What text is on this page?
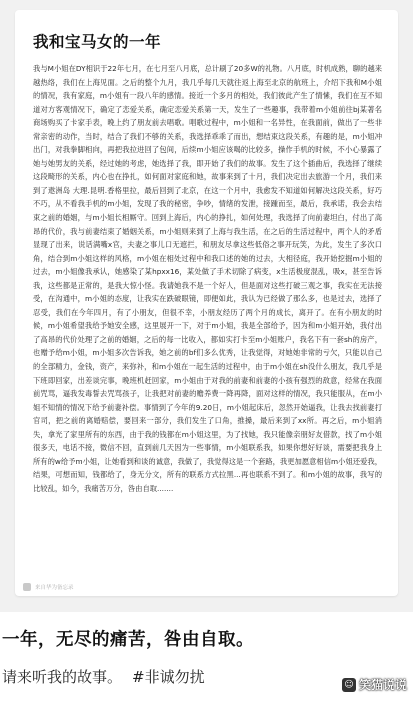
我和宝马女的一年
我与M小姐在DY相识于22年七月，在七月至八月底，总计刷了20多W的礼物。八月底，时机成熟，聊的越来越热络，我们在上海见面。之后的整个九月，我几乎每几天就往返上海至北京的航班上，介绍下我和M小姐的情况，我有家庭，m小姐有一段八年的感情。接近一个多月的相处，我们彼此产生了情愫，我们在互不知道对方客观情况下，确定了恋爱关系，确定恋爱关系第一天，发生了一些趣事，我带着m小姐前往bj某著名商场购买了卡家手表，晚上约了朋友前去唱歌。唱歌过程中，m小姐和一名异性，在我面前，做出了一些非常亲密的动作，当时，结合了我们不够的关系，我选择乖乖了而出，想结束这段关系，有趣的是，m小姐冲出门，对我拳脚相向，再把我拉进回了包间，后续m小姐应该喝的比较多，操作手机的时候，不小心暴露了她与她男友的关系，经过她的考虑，她选择了我，即开始了我们的故事。发生了这个插曲后，我选择了继续这段畸形的关系，内心也在挣扎，如何面对家庭和她，故事来到了十月，我们决定出去旅游一个月，我们来到了遨洲岛 大理.昆明.香格里拉，最后回到了北京，在这一个月中，我愈发不知道如何解决这段关系，好巧不巧，从不看我手机的m小姐，发现了我的秘密，争吵，情绪的发泄，接踵而至，最后，我承诺，我会去结束之前的婚姻，与m小姐长相厮守。回到上海后，内心的挣扎，如何处理，我选择了向前妻坦白，付出了高昂的代价，我与前妻结束了婚姻关系，m小姐则来到了上海与我生活，在之后的生活过程中，两个人的矛盾显现了出来，说话满嘴x官，夫妻之事儿口无遮拦，和朋友尽拿这些低俗之事开玩笑，为此，发生了多次口角，结合到m小姐这样的风格，m小姐在相处过程中和我口述的她的过去，大相径庭，我开始挖掘m小姐的过去，m小姐像我承认，她感染了某hpxx16，某处做了手术切除了病变，x生活极度混乱，吸x，甚至告诉我，这些都是正常的，是我大惊小怪。我请她我不是一个好人，但是面对这些打破三观之事，我实在无法接受，在沟通中，m小姐的态度，让我实在跌破眼镜，即便如此，我认为已经做了那么多，也是过去，选择了忍受，我们在今年四月，有了小朋友，但很不幸，小朋友经历了两个月的成长，离开了。在有小朋友的时候，m小姐希望我给予她安全感，这里展开一下，对于m小姐，我是全部给予，因为和m小姐开始，我付出了高昂的代价处理了之前的婚姻，之后的每一比收入，都如实打卡至m小姐账户，我名下有一套sh的房产，也赠予给m小姐，m小姐多次告诉我，她之前的bf们多么优秀，让我觉得，对她她非常的亏欠，只能以自己的全部精力，金钱，资产，来弥补，和m小姐在一起生活的过程中，由于m小姐在sh没什么朋友，我几乎是下班即回家，出差谈完事，晚班机赶回家，m小姐由于对我的前妻和前妻的小孩有强烈的敌意，经常在我面前咒骂，逼我发毒誓去咒骂孩子，让我把对前妻的赡养费一降再降，面对这样的情况，我只能服从，在m小姐不知情的情况下给予前妻补偿。事情到了今年的9.20日，m小姐起床后，忽然开始逼我，让我去找前妻打官司，把之前的离婚赔偿，要回来一部分，我们发生了口角，推搡，最后来到了xx所。再之后，m小姐消失，拿光了家里所有的东西，由于我的钱都在m小姐这里，为了找她，我只能像亲朋好友借款，找了m小姐很多天，电话不接，微信不回，直到前几天因为一些事情，m小姐联系我，如果你想好好谈，需要把我身上所有的w给予m小姐，让她看到和谈的诚意，我做了，我觉得这是一个套路，我更加愿意相信m小姐还爱我，结果，可想而知，钱都给了，身无分文，所有的联系方式拉黑...再也联系不到了。和m小姐的故事，我写的比较乱，如今，我痛苦万分，咎由自取.......
来自华为备忘录
一年，无尽的痛苦，咎由自取。
请来听我的故事。 #非诚勿扰	☺ 笑猫说说
